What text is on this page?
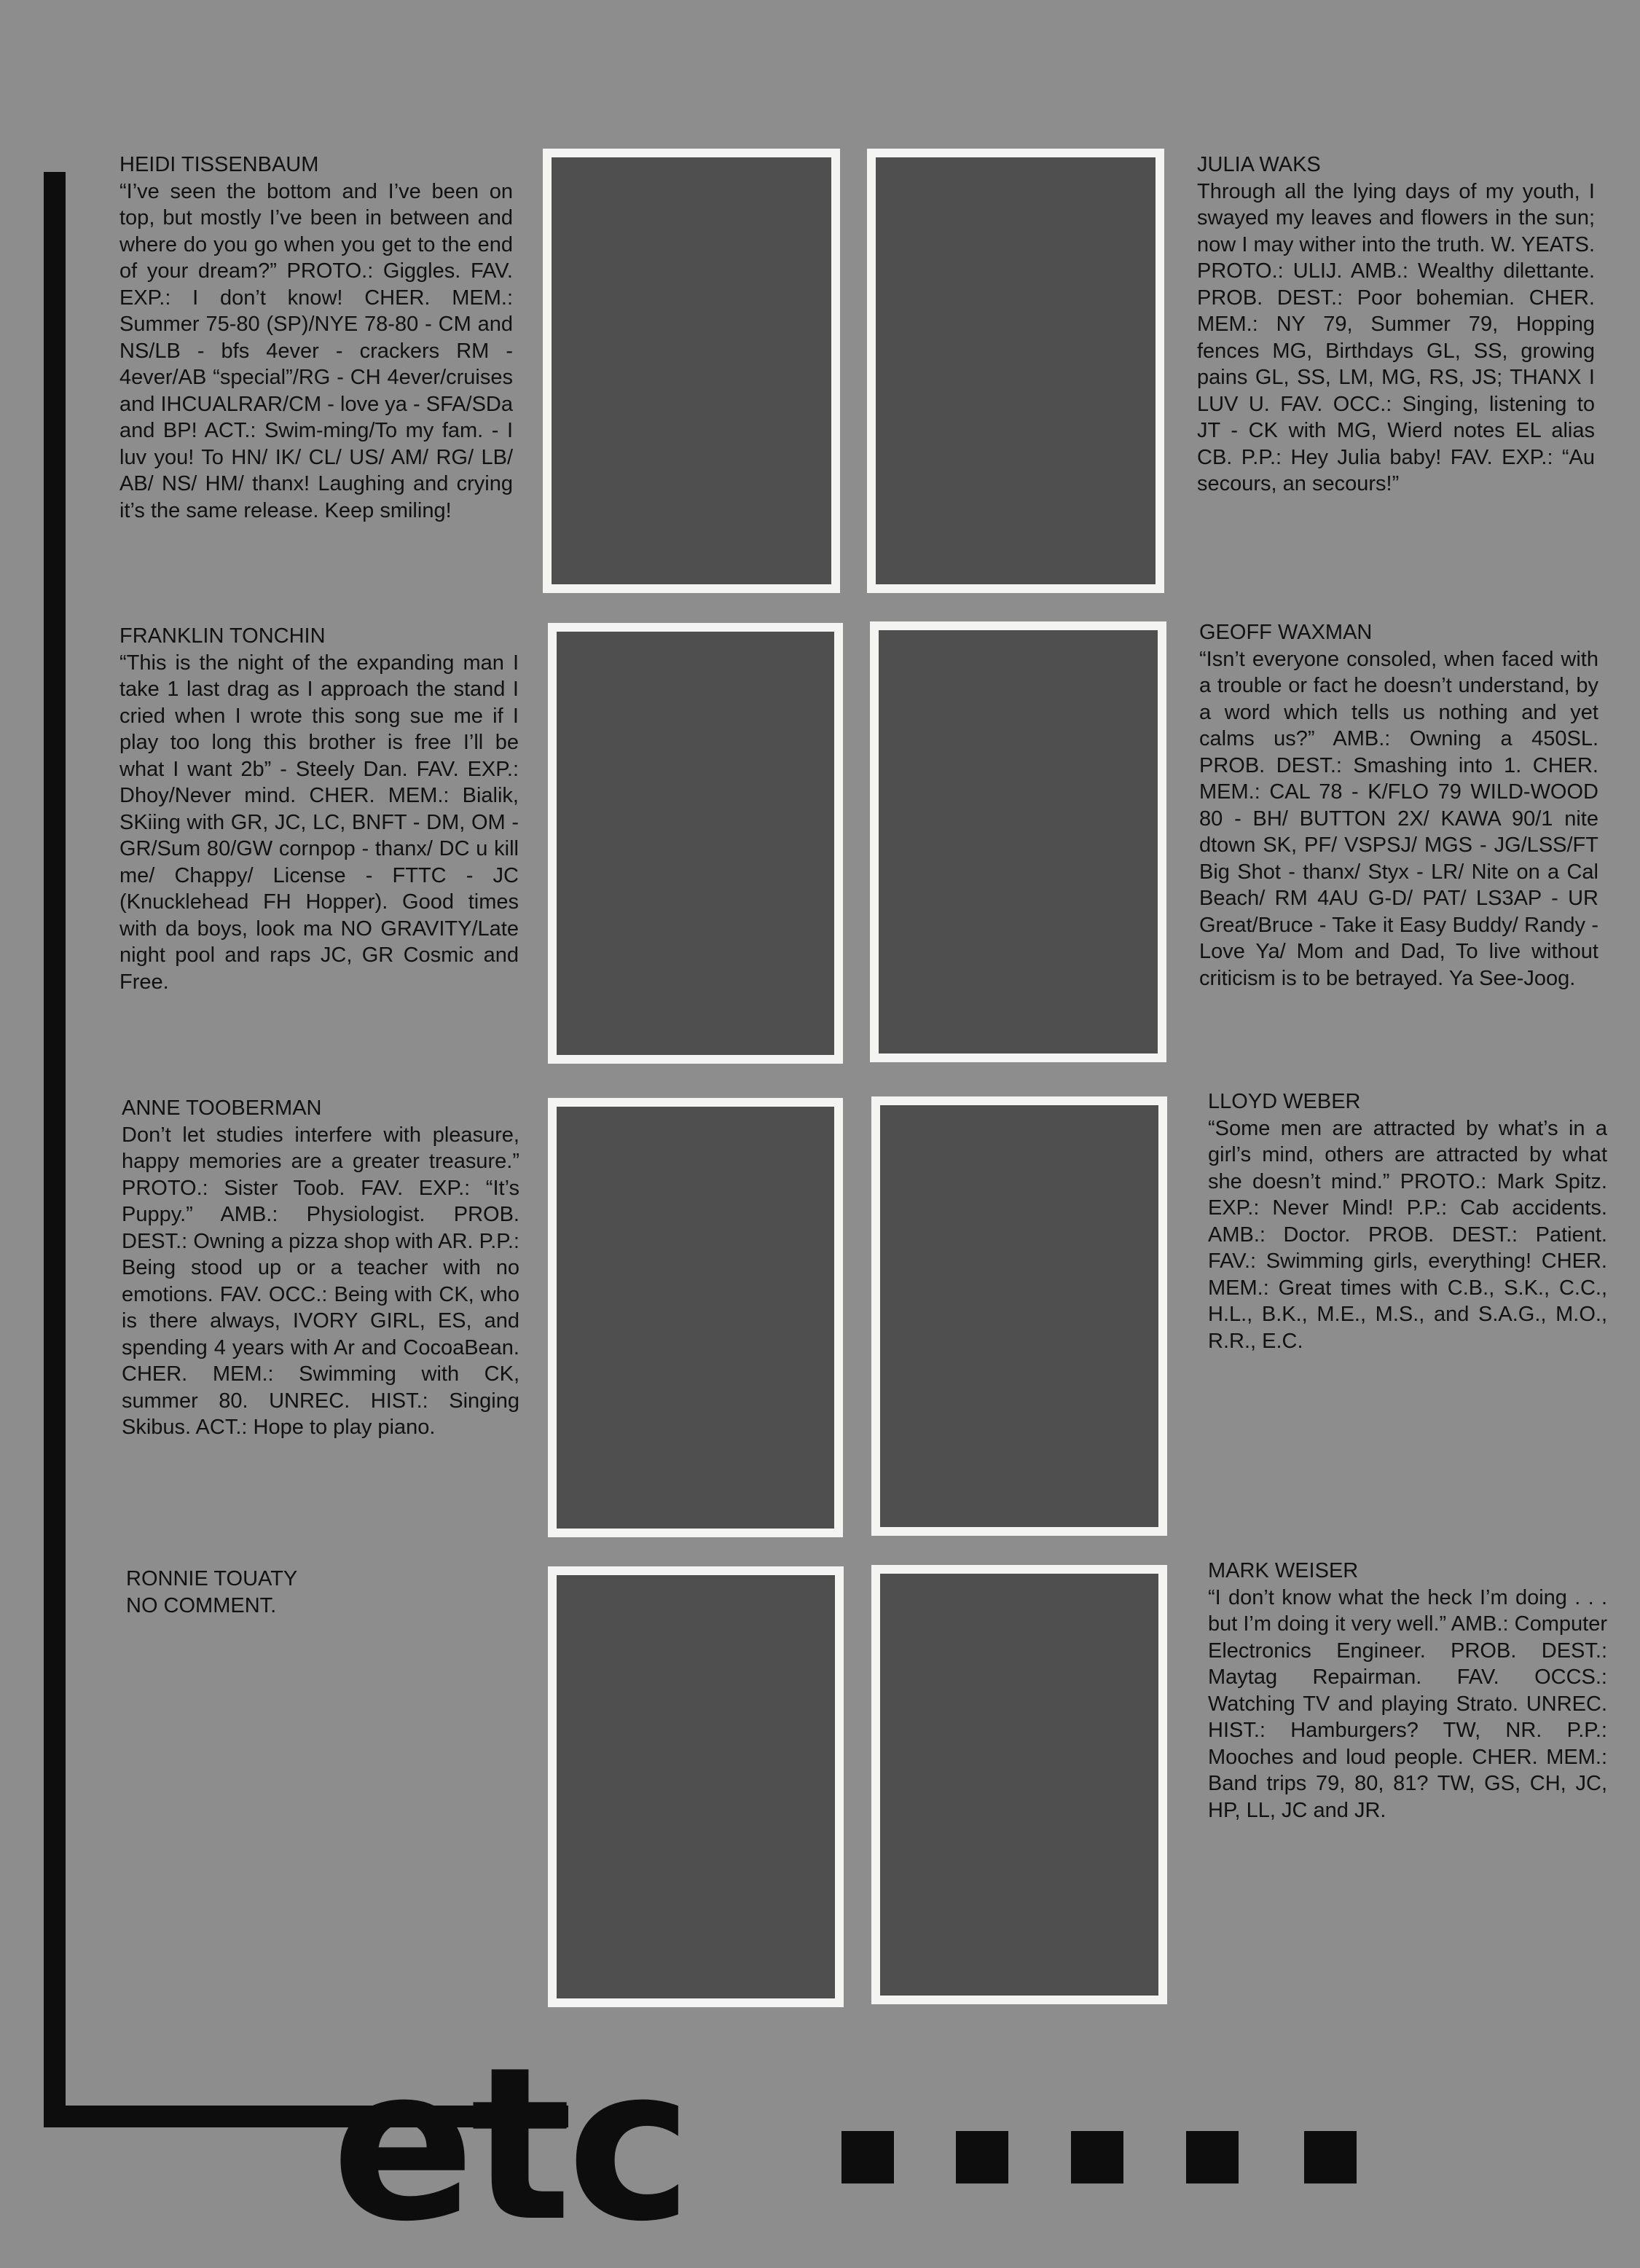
HEIDI TISSENBAUM
“I’ve seen the bottom and I’ve been on top, but mostly I’ve been in between and where do you go when you get to the end of your dream?” PROTO.: Giggles. FAV. EXP.: I don’t know! CHER. MEM.: Summer 75-80 (SP)/NYE 78-80 - CM and NS/LB - bfs 4ever - crackers RM - 4ever/AB “special”/RG - CH 4ever/cruises and IHCUALRAR/CM - love ya - SFA/SDa and BP! ACT.: Swim-ming/To my fam. - I luv you! To HN/ IK/ CL/ US/ AM/ RG/ LB/ AB/ NS/ HM/ thanx! Laughing and crying it’s the same release. Keep smiling!
JULIA WAKS
Through all the lying days of my youth, I swayed my leaves and flowers in the sun; now I may wither into the truth. W. YEATS. PROTO.: ULIJ. AMB.: Wealthy dilettante. PROB. DEST.: Poor bohemian. CHER. MEM.: NY 79, Summer 79, Hopping fences MG, Birthdays GL, SS, growing pains GL, SS, LM, MG, RS, JS; THANX I LUV U. FAV. OCC.: Singing, listening to JT - CK with MG, Wierd notes EL alias CB. P.P.: Hey Julia baby! FAV. EXP.: “Au secours, an secours!”
FRANKLIN TONCHIN
“This is the night of the expanding man I take 1 last drag as I approach the stand I cried when I wrote this song sue me if I play too long this brother is free I’ll be what I want 2b” - Steely Dan. FAV. EXP.: Dhoy/Never mind. CHER. MEM.: Bialik, SKiing with GR, JC, LC, BNFT - DM, OM - GR/Sum 80/GW cornpop - thanx/ DC u kill me/ Chappy/ License - FTTC - JC (Knucklehead FH Hopper). Good times with da boys, look ma NO GRAVITY/Late night pool and raps JC, GR Cosmic and Free.
GEOFF WAXMAN
“Isn’t everyone consoled, when faced with a trouble or fact he doesn’t understand, by a word which tells us nothing and yet calms us?” AMB.: Owning a 450SL. PROB. DEST.: Smashing into 1. CHER. MEM.: CAL 78 - K/FLO 79 WILD-WOOD 80 - BH/ BUTTON 2X/ KAWA 90/1 nite dtown SK, PF/ VSPSJ/ MGS - JG/LSS/FT Big Shot - thanx/ Styx - LR/ Nite on a Cal Beach/ RM 4AU G-D/ PAT/ LS3AP - UR Great/Bruce - Take it Easy Buddy/ Randy - Love Ya/ Mom and Dad, To live without criticism is to be betrayed. Ya See-Joog.
ANNE TOOBERMAN
Don’t let studies interfere with pleasure, happy memories are a greater treasure.” PROTO.: Sister Toob. FAV. EXP.: “It’s Puppy.” AMB.: Physiologist. PROB. DEST.: Owning a pizza shop with AR. P.P.: Being stood up or a teacher with no emotions. FAV. OCC.: Being with CK, who is there always, IVORY GIRL, ES, and spending 4 years with Ar and CocoaBean. CHER. MEM.: Swimming with CK, summer 80. UNREC. HIST.: Singing Skibus. ACT.: Hope to play piano.
LLOYD WEBER
“Some men are attracted by what’s in a girl’s mind, others are attracted by what she doesn’t mind.” PROTO.: Mark Spitz. EXP.: Never Mind! P.P.: Cab accidents. AMB.: Doctor. PROB. DEST.: Patient. FAV.: Swimming girls, everything! CHER. MEM.: Great times with C.B., S.K., C.C., H.L., B.K., M.E., M.S., and S.A.G., M.O., R.R., E.C.
RONNIE TOUATY
NO COMMENT.
MARK WEISER
“I don’t know what the heck I’m doing . . . but I’m doing it very well.” AMB.: Computer Electronics Engineer. PROB. DEST.: Maytag Repairman. FAV. OCCS.: Watching TV and playing Strato. UNREC. HIST.: Hamburgers? TW, NR. P.P.: Mooches and loud people. CHER. MEM.: Band trips 79, 80, 81? TW, GS, CH, JC, HP, LL, JC and JR.
etc
